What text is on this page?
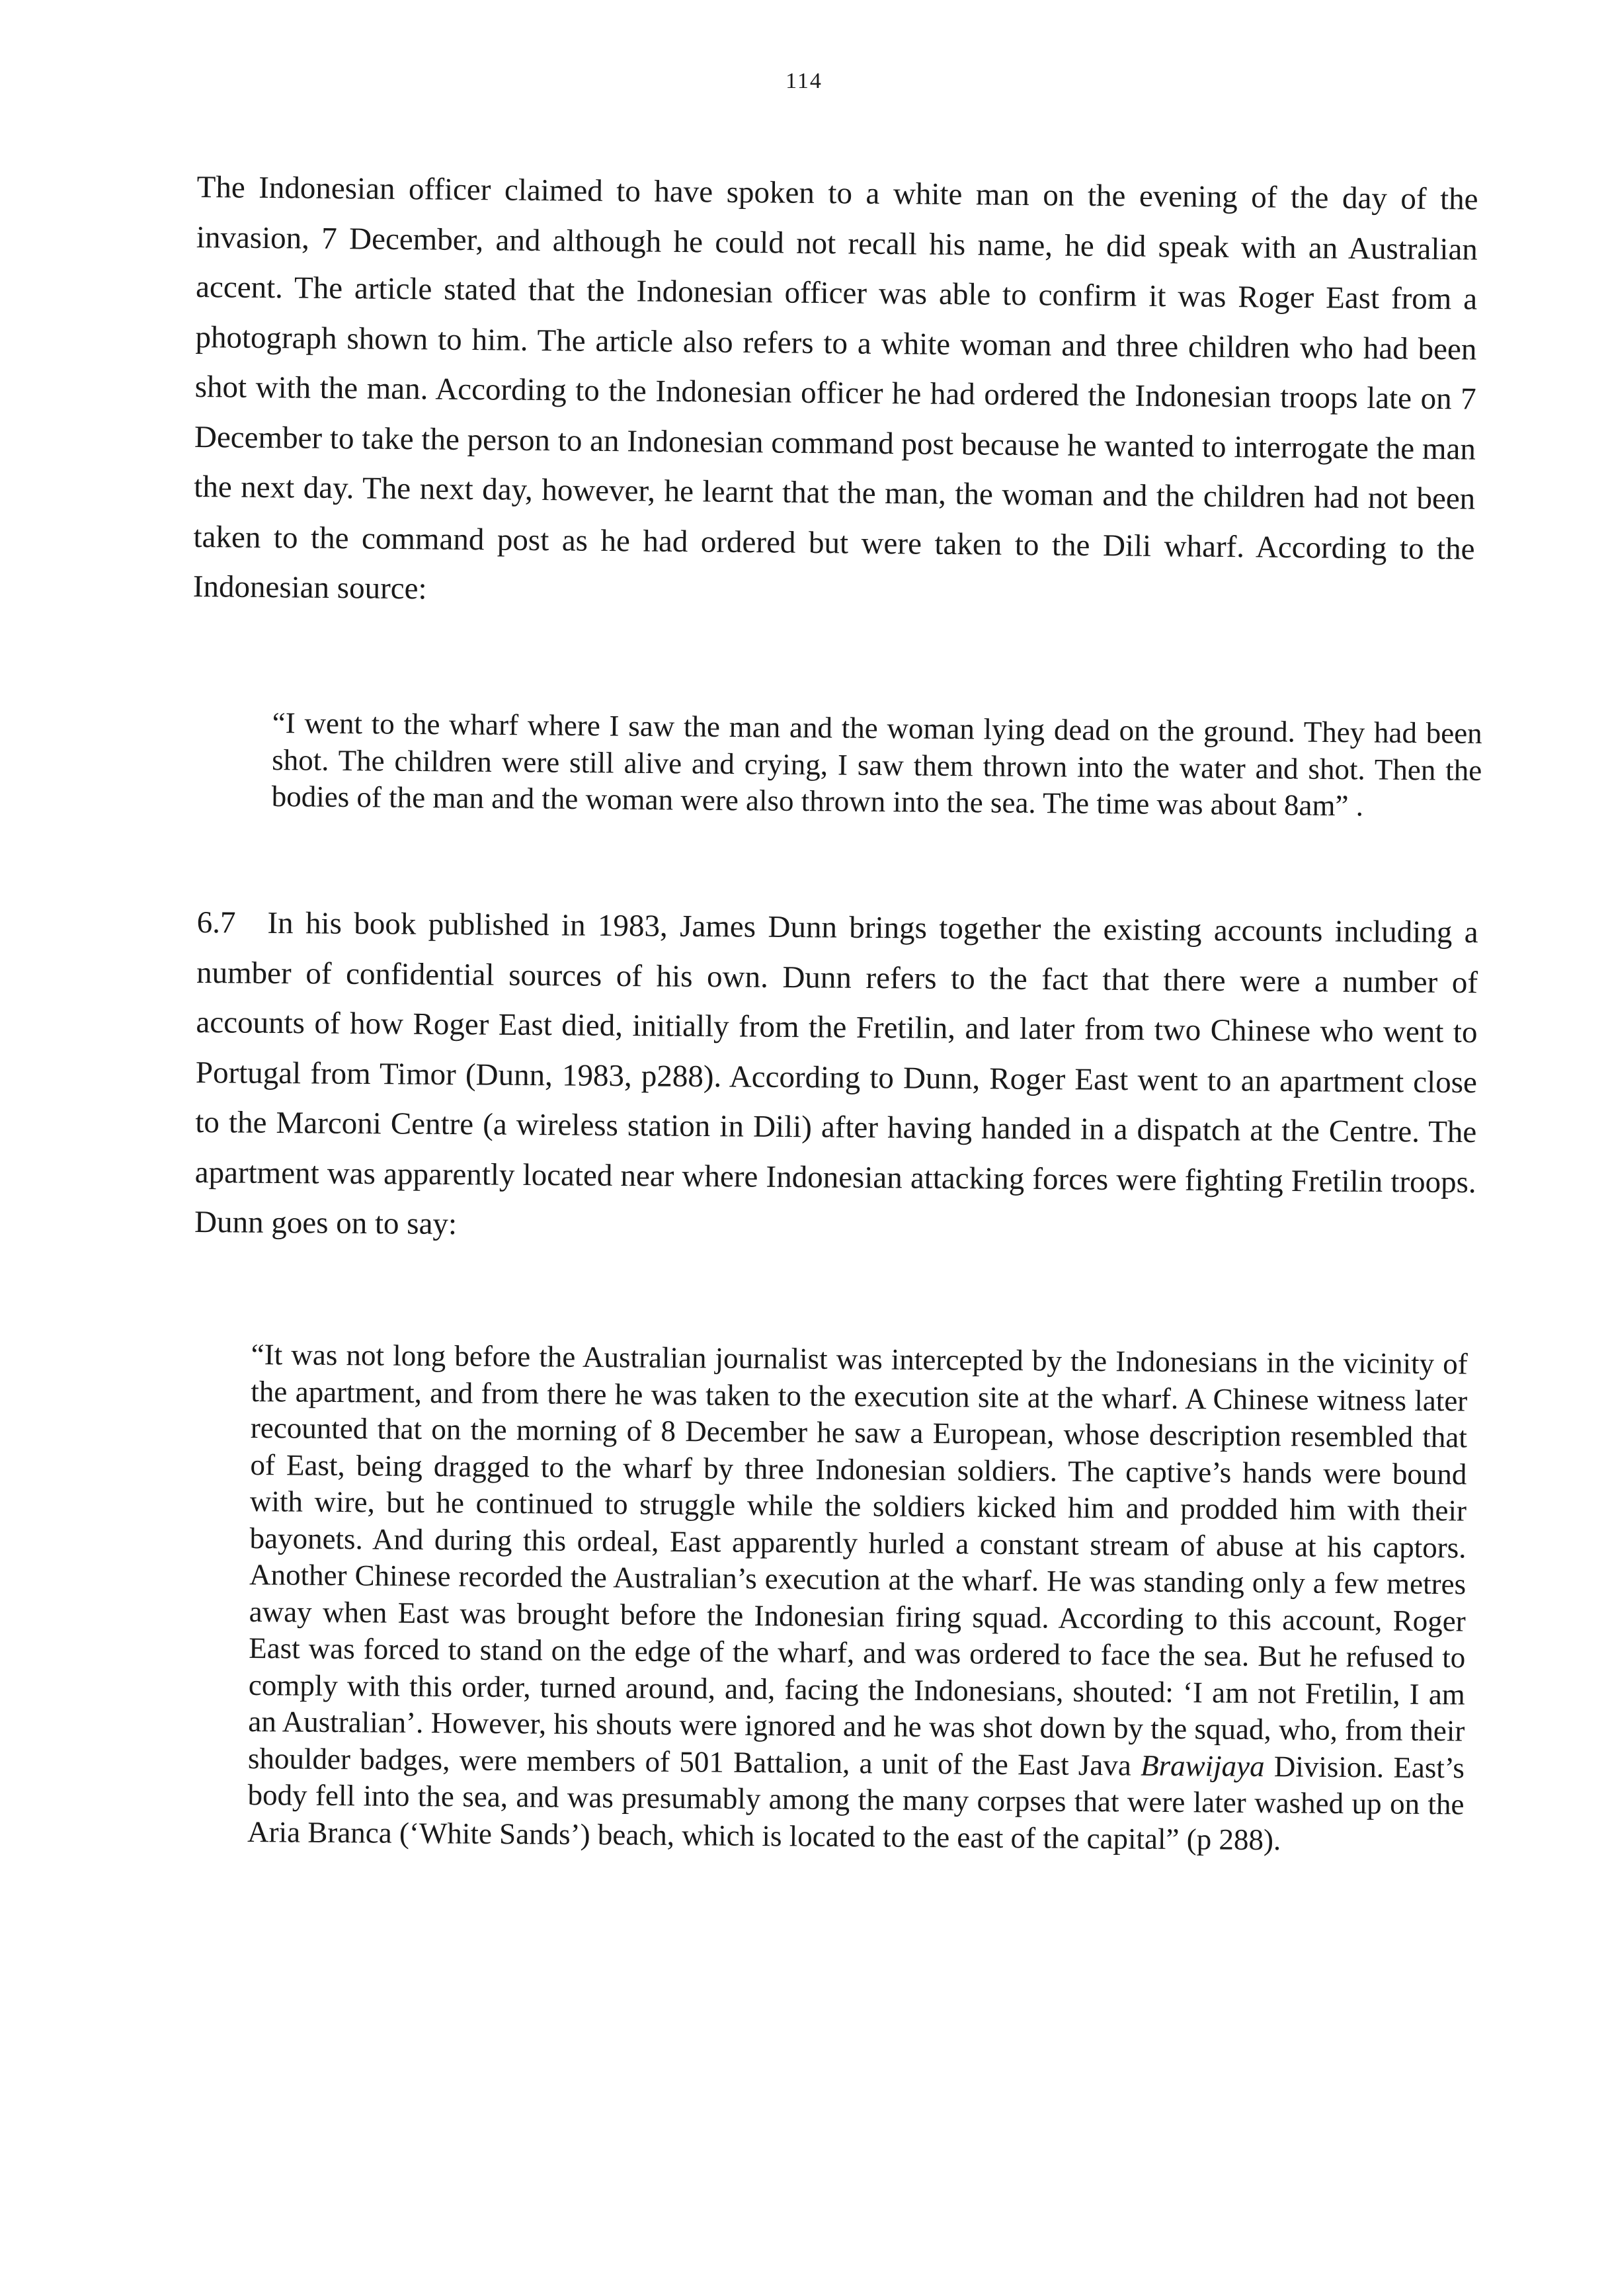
114

The Indonesian officer claimed to have spoken to a white man on the evening of the day of the invasion, 7 December, and although he could not recall his name, he did speak with an Australian accent. The article stated that the Indonesian officer was able to confirm it was Roger East from a photograph shown to him. The article also refers to a white woman and three children who had been shot with the man. According to the Indonesian officer he had ordered the Indonesian troops late on 7 December to take the person to an Indonesian command post because he wanted to interrogate the man the next day. The next day, however, he learnt that the man, the woman and the children had not been taken to the command post as he had ordered but were taken to the Dili wharf. According to the Indonesian source:

“I went to the wharf where I saw the man and the woman lying dead on the ground. They had been shot. The children were still alive and crying, I saw them thrown into the water and shot. Then the bodies of the man and the woman were also thrown into the sea. The time was about 8am” .

6.7 In his book published in 1983, James Dunn brings together the existing accounts including a number of confidential sources of his own. Dunn refers to the fact that there were a number of accounts of how Roger East died, initially from the Fretilin, and later from two Chinese who went to Portugal from Timor (Dunn, 1983, p288). According to Dunn, Roger East went to an apartment close to the Marconi Centre (a wireless station in Dili) after having handed in a dispatch at the Centre. The apartment was apparently located near where Indonesian attacking forces were fighting Fretilin troops. Dunn goes on to say:

“It was not long before the Australian journalist was intercepted by the Indonesians in the vicinity of the apartment, and from there he was taken to the execution site at the wharf. A Chinese witness later recounted that on the morning of 8 December he saw a European, whose description resembled that of East, being dragged to the wharf by three Indonesian soldiers. The captive’s hands were bound with wire, but he continued to struggle while the soldiers kicked him and prodded him with their bayonets. And during this ordeal, East apparently hurled a constant stream of abuse at his captors. Another Chinese recorded the Australian’s execution at the wharf. He was standing only a few metres away when East was brought before the Indonesian firing squad. According to this account, Roger East was forced to stand on the edge of the wharf, and was ordered to face the sea. But he refused to comply with this order, turned around, and, facing the Indonesians, shouted: ‘I am not Fretilin, I am an Australian’. However, his shouts were ignored and he was shot down by the squad, who, from their shoulder badges, were members of 501 Battalion, a unit of the East Java Brawijaya Division. East’s body fell into the sea, and was presumably among the many corpses that were later washed up on the Aria Branca (‘White Sands’) beach, which is located to the east of the capital” (p 288).
